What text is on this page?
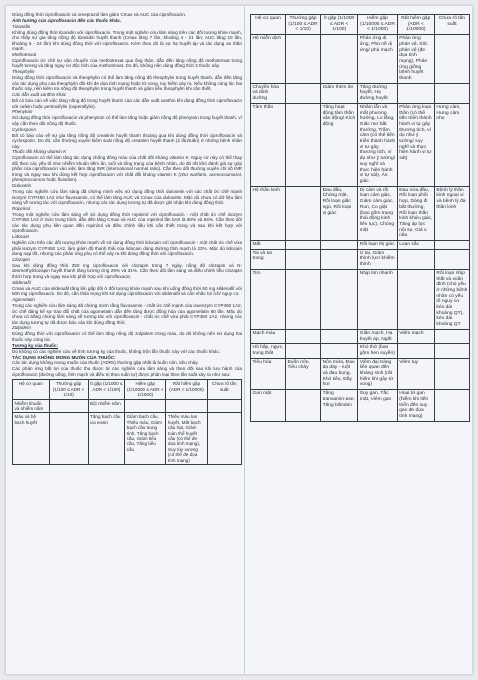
Dùng đồng thời ciprofloxacin và omeprazol làm giảm Cmax và AUC của ciprofloxacin.

Ảnh hưởng của ciprofloxacin đến các thuốc khác.

Tizanidin

Không dùng đồng thời tizanidin với ciprofloxacin. Trong một nghiên cứu lâm sàng trên các đối tượng khỏe mạnh, cho thấy sự gia tăng nồng độ tizanidin huyết thanh (Cmax tăng 7 lần, khoảng 4 - 21 lần; AUC tăng 10 lần, khoảng 6 - 24 lần) khi dùng đồng thời với ciprofloxacin. Kèm theo đó là sự hạ huyết áp và tác dụng an thần mạnh.

Methotrexat

Ciprofloxacin ức chế sự vận chuyển của methotrexat qua ống thận, dẫn đến tăng nồng độ methotrexat trong huyết tương và tăng nguy cơ độc tính của methotrexat. Do đó, không nên dùng đồng thời 2 thuốc này.

Theophylin

Dùng đồng thời ciprofloxacin và theophylin có thể làm tăng nồng độ theophylin trong huyết thanh, dẫn đến tăng các tác dụng phụ của theophylin đôi khi đe dọa tính mạng hoặc tử vong, tuy hiếm xảy ra. Nếu không cùng lúc hai thuốc này, nên kiểm tra nồng độ theophylin trong huyết thanh và giảm liều theophylin khi cần thiết.

Các dẫn xuất xanthin khác

Đã có báo cáo về việc tăng nồng độ trong huyết thanh của các dẫn xuất xanthin khi dùng đồng thời ciprofloxacin với cafein hoặc pentoxifylin (oxpentifylin).

Phenytoin

Sử dụng đồng thời ciprofloxacin và phenytoin có thể làm tăng hoặc giảm nồng độ phenytoin trong huyết thanh, vì vậy cần theo dõi nồng độ thuốc.

Cyclosporin

Đã có báo cáo về sự gia tăng nồng độ creatinin huyết thanh thoáng qua khi dùng đồng thời ciprofloxacin và cyclosporin. Do đó, cần thường xuyên kiểm soát nồng độ creatinin huyết thanh (2 lần/tuần) ở những bệnh nhân này.

Thuốc đối kháng vitamin K

Ciprofloxacin có thể làm tăng tác dụng chống đông máu của chất đối kháng vitamin K. Nguy cơ này có thể thay đổi theo các yếu tố như nhiễm khuẩn tiềm ẩn, tuổi và tổng trạng của bệnh nhân, do đó rất khó đánh giá sự góp phần của ciprofloxacin vào việc làm tăng INR (international normal ratio). Cần theo dõi thường xuyên chỉ số INR trong và ngay sau khi dùng kết hợp ciprofloxacin với chất đối kháng vitamin K (như warfarin, acenocoumarol, phenprocoumon hoặc fluindion).

Duloxetin

Trong các nghiên cứu lâm sàng đã chứng minh việc sử dụng đồng thời duloxetin với các chất ức chế mạnh isozym CYP450 1A2 như fluvoxamin, có thể làm tăng AUC và Cmax của duloxetin. Mặc dù chưa có dữ liệu lâm sàng về tương tác với ciprofloxacin, nhưng các tác dụng tương tự đã được ghi nhận khi dùng đồng thời.

Ropinirol

Trong một nghiên cứu lâm sàng về sử dụng đồng thời ropinirol với ciprofloxacin - một chất ức chế isozym CYP450 1A2 ở mức trung bình, dẫn đến tăng Cmax và AUC của ropinirol lần lượt là 60% và 84%. Cần theo dõi các tác dụng phụ liên quan đến ropinirol và điều chỉnh liều khi cần thiết trong và sau khi kết hợp với ciprofloxacin.

Lidocain

Nghiên cứu trên các đối tượng khỏe mạnh về sử dụng đồng thời lidocain với ciprofloxacin - một chất ức chế vừa phải isozym CYP450 1A2, làm giảm độ thanh thải của lidocain dùng đường tĩnh mạch là 22%. Mặc dù lidocain dung nạp tốt, nhưng các phản ứng phụ có thể xảy ra khi dùng đồng thời với ciprofloxacin.

Clozapin

Sau khi dùng đồng thời 250 mg ciprofloxacin với clozapin trong 7 ngày, nồng độ clozapin và N-desmethylclozapin huyết thanh tăng tương ứng 29% và 31%. Cần theo dõi lâm sàng và điều chỉnh liều clozapin thích hợp trong và ngay sau khi phối hợp với ciprofloxacin.

Sildenafil

Cmax và AUC của sildenafil tăng lên gấp đôi ở đối tượng khỏe mạnh sau khi uống đồng thời 50 mg sildenafil với 500 mg ciprofloxacin. Do đó, cần thận trọng khi sử dụng ciprofloxacin với sildenafil và cân nhắc lợi ích/ nguy cơ.

Agomelatin

Trong các nghiên cứu lâm sàng đã chứng minh rằng fluvoxamin - chất ức chế mạnh của isoenzym CYP450 1A2, ức chế đáng kể sự trao đổi chất của agomelatin dẫn đến tăng được đồng hóa của agomelatin 60 lần. Mặc dù chưa có bằng chứng lâm sàng về tương tác với ciprofloxacin - chất ức chế vừa phải CYP450 1A2, nhưng các tác dụng tương tự đã được báo cáo khi dùng đồng thời.

Zolpidem

Dùng đồng thời với ciprofloxacin có thể làm tăng nồng độ zolpidem trong máu, do đó không nên sử dụng hai thuốc này cùng lúc.

Tương kỵ của thuốc:

Do không có các nghiên cứu về tính tương kỵ của thuốc, không trộn lẫn thuốc này với các thuốc khác.

TÁC DỤNG KHÔNG MONG MUỐN CỦA THUỐC:

Các tác dụng không mong muốn của thuốc (ADRs) thường gặp nhất là buồn nôn, tiêu chảy.

Các phản ứng bất lợi của thuốc thu được từ các nghiên cứu lâm sàng và theo dõi sau khi lưu hành của ciprofloxacin (đường uống, tĩnh mạch và điều trị theo tuần tự) được phân loại theo tần suất xảy ra như sau:

Hệ cơ quan	Thường gặp (1/100 ≤ ADR < 1/10)	Ít gặp (1/1000 ≤ ADR < 1/100)	Hiếm gặp (1/10000 ≤ ADR < 1/1000)	Rất hiếm gặp (ADR < 1/10000)	Chưa rõ tần suất
Nhiễm khuẩn và nhiễm nấm		Bội nhiễm nấm			
Máu và hệ bạch huyết		Tăng bạch cầu ưa eosin	Giảm bạch cầu, Thiếu máu, Giảm bạch cầu trung tính, Tăng bạch cầu, Giảm tiểu cầu, Tăng tiểu cầu	Thiếu máu tan huyết, Mất bạch cầu hạt, Giảm toàn thể huyết cầu (có thể đe dọa tính mạng), Suy tủy xương (có thể đe dọa tính mạng)	
Hệ cơ quan	Thường gặp (1/100 ≤ ADR < 1/10)	Ít gặp (1/1000 ≤ ADR < 1/100)	Hiếm gặp (1/10000 ≤ ADR < 1/1000)	Rất hiếm gặp (ADR < 1/10000)	Chưa rõ tần suất
Hệ miễn dịch			Phản ứng dị ứng, Phù nề dị ứng/ phù mạch	Phản ứng phản vệ, Sốc phản vệ (đe dọa tính mạng), Phản ứng giống bệnh huyết thanh	
Chuyển hóa và dinh dưỡng		Giảm thèm ăn	Tăng đường huyết, Hạ đường huyết		
Tâm thần		Tăng hoạt động tâm thần vận động/ Kích động	Nhầm lẫn và mất phương hướng, Lo lắng, Giấc mơ bất thường, Trầm cảm (có thể tiến triển thành hành vi tự gây thương tích, ví dụ như ý tưởng/ suy nghĩ và thực hiện hành vi tự sát), Ảo giác	Phản ứng loạn thần (có thể tiến triển thành hành vi tự gây thương tích, ví dụ như ý tưởng/ suy nghĩ và thực hiện hành vi tự sát)	Hưng cảm, Hưng cảm nhẹ
Hệ thần kinh		Đau đầu, Chóng mặt, Rối loạn giấc ngủ, Rối loạn vị giác	Dị cảm và rối loạn cảm giác, Giảm cảm giác, Run, Co giật (bao gồm trạng thái động kinh liên tục), Chóng mặt	Đau nửa đầu, Rối loạn phối hợp, Dáng đi bất thường, Rối loạn thần kinh khứu giác, Tăng áp lực nội sọ, Giả u não	Bệnh lý thần kinh ngoại vi và bệnh lý đa thần kinh
Mắt			Rối loạn thị giác	Loạn sắc	
Tai và tai trong			Ù tai, Giảm thính lực/ khiếm thính		
Tim			Nhịp tim nhanh		Rối loạn nhịp thất và xoắn đỉnh (chủ yếu ở những bệnh nhân có yếu tố nguy cơ kéo dài khoảng QT), kéo dài khoảng QT
Mạch máu			Giãn mạch, Hạ huyết áp, Ngất	Viêm mạch	
Hô hấp, ngực, trung thất			Khó thở (bao gồm hen suyễn)		
Tiêu hóa	Buồn nôn, Tiêu chảy	Nôn mửa, Đau dạ dày - ruột và đau bụng, Khó tiêu, Đầy hơi	Viêm đại tràng liên quan đến kháng sinh (rất hiếm khi gây tử vong)	Viêm tụy	
Gan mật		Tăng transamin-ase, Tăng bilirubin	Suy gan, Tắc mật, Viêm gan	Hoại tử gan (hiếm khi tiến triển đến suy gan đe dọa tính mạng)	
